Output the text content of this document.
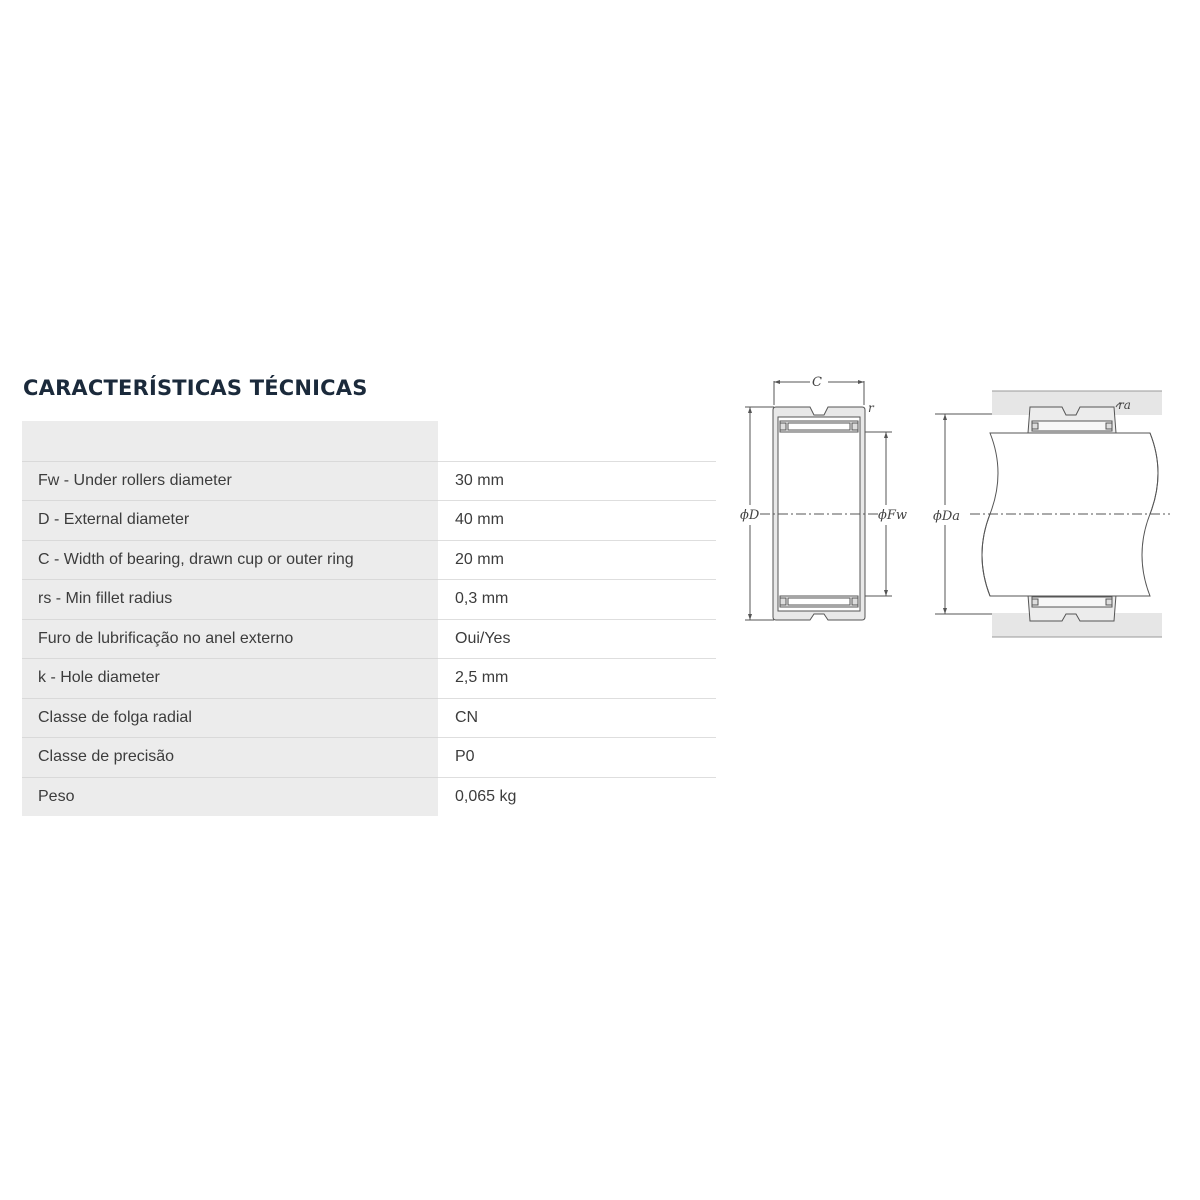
CARACTERÍSTICAS TÉCNICAS
Fw - Under rollers diameter	30 mm
D - External diameter	40 mm
C - Width of bearing, drawn cup or outer ring	20 mm
rs - Min fillet radius	0,3 mm
Furo de lubrificação no anel externo	Oui/Yes
k - Hole diameter	2,5 mm
Classe de folga radial	CN
Classe de precisão	P0
Peso	0,065 kg
C
r
ϕD	ϕFw ϕDa
ra
